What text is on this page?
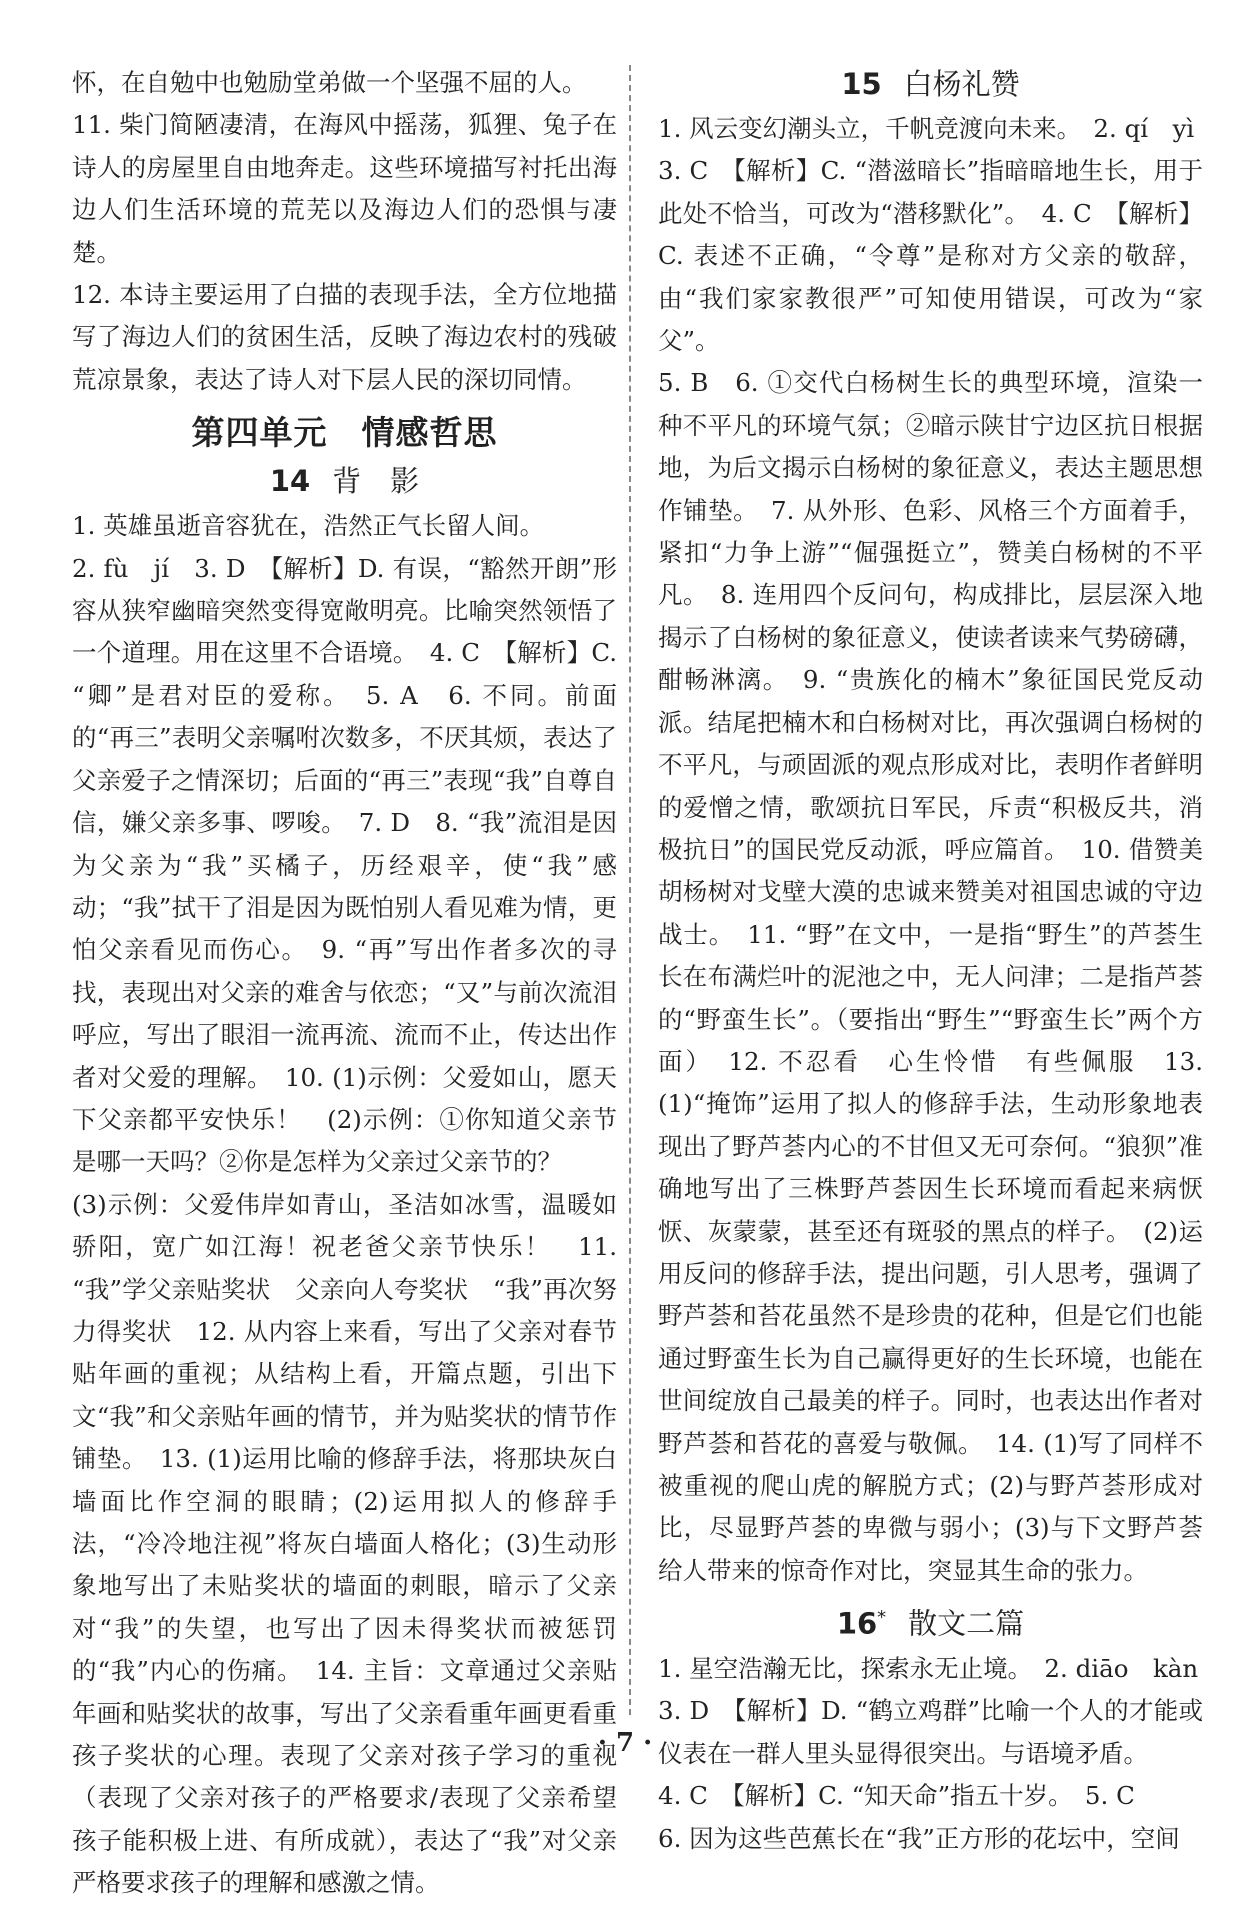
怀，在自勉中也勉励堂弟做一个坚强不屈的人。

11. 柴门简陋凄清，在海风中摇荡，狐狸、兔子在诗人的房屋里自由地奔走。这些环境描写衬托出海边人们生活环境的荒芜以及海边人们的恐惧与凄楚。

12. 本诗主要运用了白描的表现手法，全方位地描写了海边人们的贫困生活，反映了海边农村的残破荒凉景象，表达了诗人对下层人民的深切同情。

第四单元　情感哲思
14 背　影

1. 英雄虽逝音容犹在，浩然正气长留人间。

2. fù　jí　3. D　【解析】D. 有误，“豁然开朗”形容从狭窄幽暗突然变得宽敞明亮。比喻突然领悟了一个道理。用在这里不合语境。　4. C　【解析】C. “卿”是君对臣的爱称。　5. A　6. 不同。前面的“再三”表明父亲嘱咐次数多，不厌其烦，表达了父亲爱子之情深切；后面的“再三”表现“我”自尊自信，嫌父亲多事、啰唆。　7. D　8. “我”流泪是因为父亲为“我”买橘子，历经艰辛，使“我”感动；“我”拭干了泪是因为既怕别人看见难为情，更怕父亲看见而伤心。　9. “再”写出作者多次的寻找，表现出对父亲的难舍与依恋；“又”与前次流泪呼应，写出了眼泪一流再流、流而不止，传达出作者对父爱的理解。　10. (1)示例：父爱如山，愿天下父亲都平安快乐！　(2)示例：①你知道父亲节是哪一天吗？②你是怎样为父亲过父亲节的？

(3)示例：父爱伟岸如青山，圣洁如冰雪，温暖如骄阳，宽广如江海！祝老爸父亲节快乐！　11. “我”学父亲贴奖状　父亲向人夸奖状　“我”再次努力得奖状　12. 从内容上来看，写出了父亲对春节贴年画的重视；从结构上看，开篇点题，引出下文“我”和父亲贴年画的情节，并为贴奖状的情节作铺垫。　13. (1)运用比喻的修辞手法，将那块灰白墙面比作空洞的眼睛；(2)运用拟人的修辞手法，“冷冷地注视”将灰白墙面人格化；(3)生动形象地写出了未贴奖状的墙面的刺眼，暗示了父亲对“我”的失望，也写出了因未得奖状而被惩罚的“我”内心的伤痛。　14. 主旨：文章通过父亲贴年画和贴奖状的故事，写出了父亲看重年画更看重孩子奖状的心理。表现了父亲对孩子学习的重视（表现了父亲对孩子的严格要求/表现了父亲希望孩子能积极上进、有所成就），表达了“我”对父亲严格要求孩子的理解和感激之情。

15 白杨礼赞

1. 风云变幻潮头立，千帆竞渡向未来。　2. qí　yì

3. C　【解析】C. “潜滋暗长”指暗暗地生长，用于此处不恰当，可改为“潜移默化”。　4. C　【解析】C. 表述不正确，“令尊”是称对方父亲的敬辞，由“我们家家教很严”可知使用错误，可改为“家父”。

5. B　6. ①交代白杨树生长的典型环境，渲染一种不平凡的环境气氛；②暗示陕甘宁边区抗日根据地，为后文揭示白杨树的象征意义，表达主题思想作铺垫。　7. 从外形、色彩、风格三个方面着手，紧扣“力争上游”“倔强挺立”，赞美白杨树的不平凡。　8. 连用四个反问句，构成排比，层层深入地揭示了白杨树的象征意义，使读者读来气势磅礴，酣畅淋漓。　9. “贵族化的楠木”象征国民党反动派。结尾把楠木和白杨树对比，再次强调白杨树的不平凡，与顽固派的观点形成对比，表明作者鲜明的爱憎之情，歌颂抗日军民，斥责“积极反共，消极抗日”的国民党反动派，呼应篇首。　10. 借赞美胡杨树对戈壁大漠的忠诚来赞美对祖国忠诚的守边战士。　11. “野”在文中，一是指“野生”的芦荟生长在布满烂叶的泥池之中，无人问津；二是指芦荟的“野蛮生长”。（要指出“野生”“野蛮生长”两个方面）　12. 不忍看　心生怜惜　有些佩服　13. (1)“掩饰”运用了拟人的修辞手法，生动形象地表现出了野芦荟内心的不甘但又无可奈何。“狼狈”准确地写出了三株野芦荟因生长环境而看起来病恹恹、灰蒙蒙，甚至还有斑驳的黑点的样子。　(2)运用反问的修辞手法，提出问题，引人思考，强调了野芦荟和苔花虽然不是珍贵的花种，但是它们也能通过野蛮生长为自己赢得更好的生长环境，也能在世间绽放自己最美的样子。同时，也表达出作者对野芦荟和苔花的喜爱与敬佩。　14. (1)写了同样不被重视的爬山虎的解脱方式；(2)与野芦荟形成对比，尽显野芦荟的卑微与弱小；(3)与下文野芦荟给人带来的惊奇作对比，突显其生命的张力。

16* 散文二篇

1. 星空浩瀚无比，探索永无止境。　2. diāo　kàn

3. D　【解析】D. “鹤立鸡群”比喻一个人的才能或仪表在一群人里头显得很突出。与语境矛盾。

4. C　【解析】C. “知天命”指五十岁。　5. C

6. 因为这些芭蕉长在“我”正方形的花坛中，空间

· 7 ·
